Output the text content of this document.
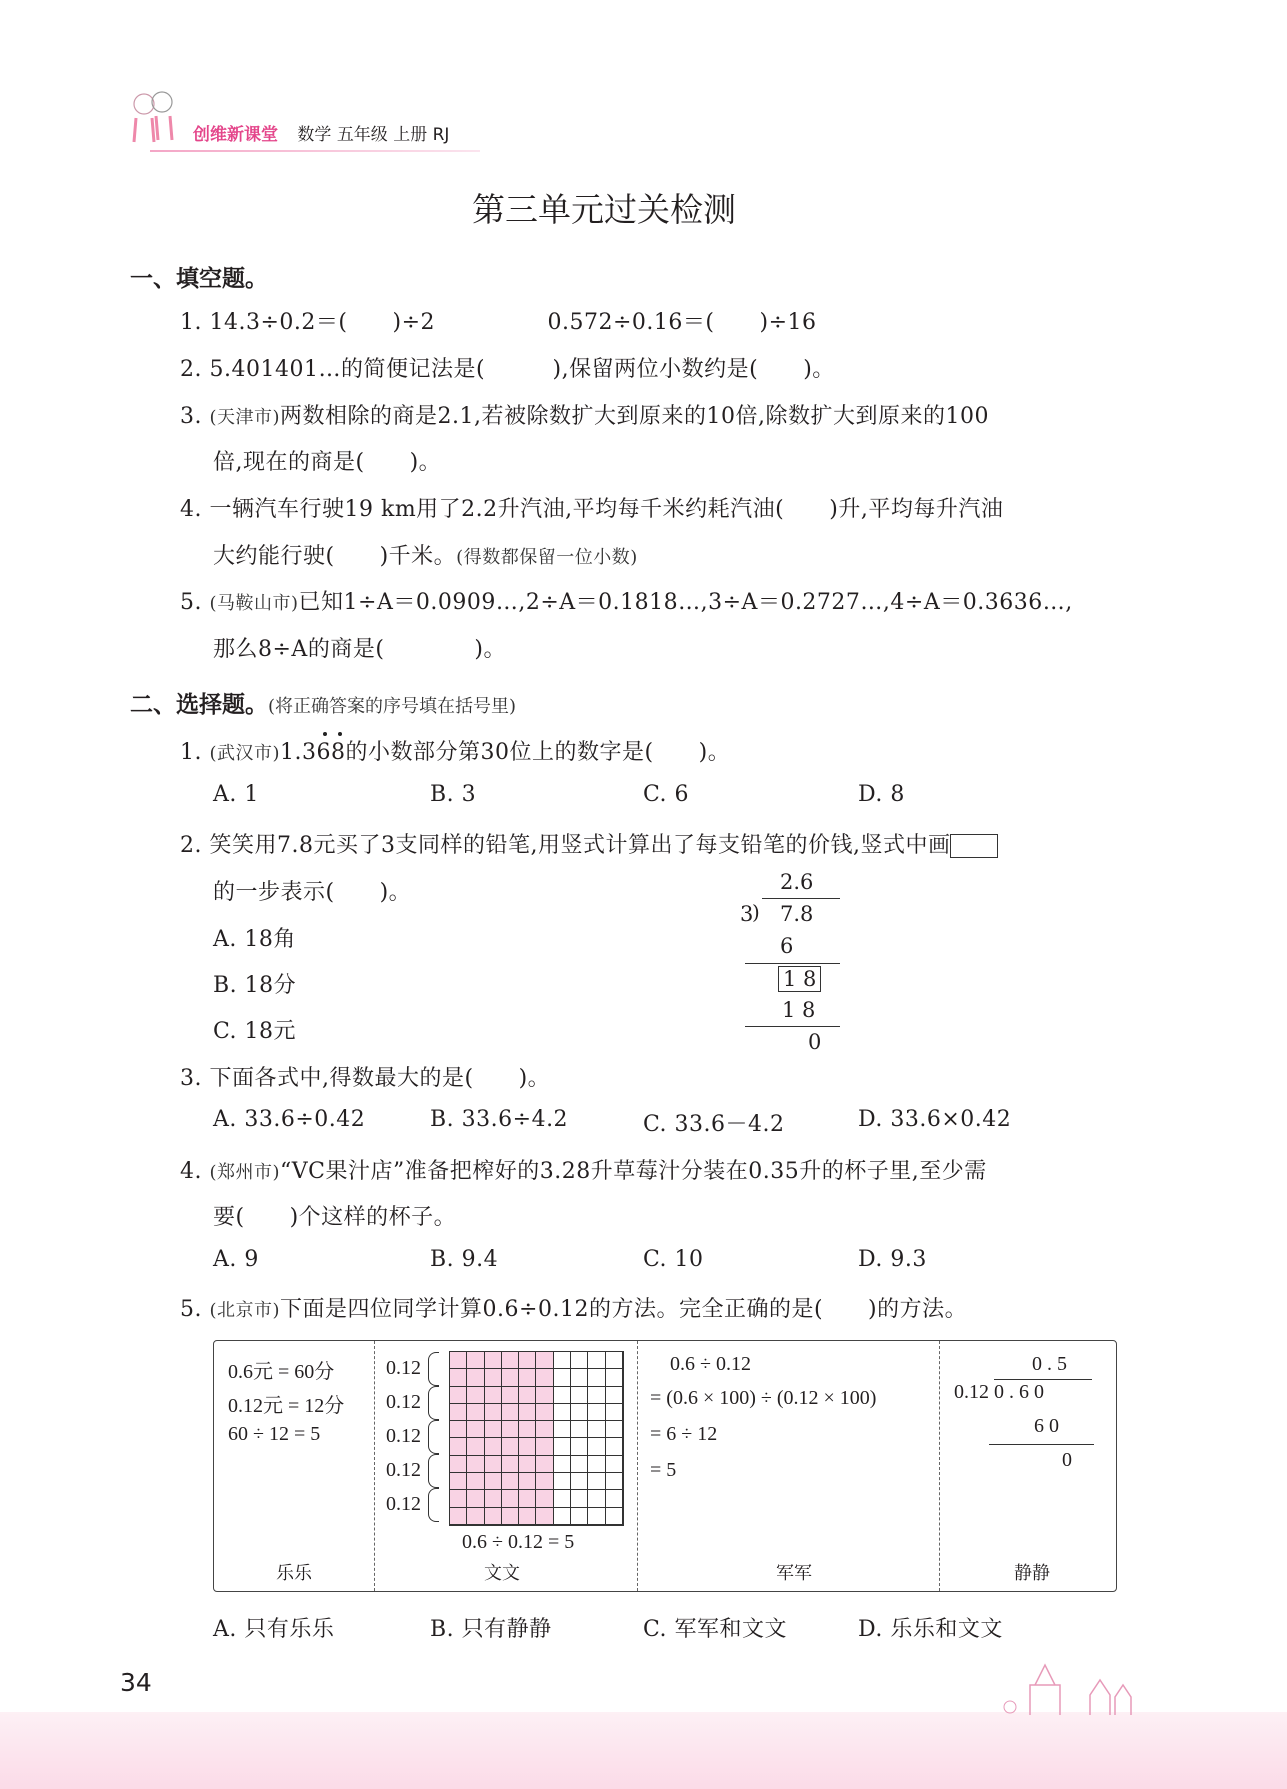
创维新课堂 数学 五年级 上册 RJ
第三单元过关检测
一、填空题。
1. 14.3÷0.2＝(　　)÷2　　　　　0.572÷0.16＝(　　)÷16
2. 5.401401…的简便记法是(　　　),保留两位小数约是(　　)。
3. (天津市)两数相除的商是2.1,若被除数扩大到原来的10倍,除数扩大到原来的100
倍,现在的商是(　　)。
4. 一辆汽车行驶19 km用了2.2升汽油,平均每千米约耗汽油(　　)升,平均每升汽油
大约能行驶(　　)千米。(得数都保留一位小数)
5. (马鞍山市)已知1÷A＝0.0909…,2÷A＝0.1818…,3÷A＝0.2727…,4÷A＝0.3636…,
那么8÷A的商是(　　　　)。
二、选择题。(将正确答案的序号填在括号里)
1. (武汉市)1.368的小数部分第30位上的数字是(　　)。
A. 1	B. 3	C. 6	D. 8
2. 笑笑用7.8元买了3支同样的铅笔,用竖式计算出了每支铅笔的价钱,竖式中画
的一步表示(　　)。
A. 18角
B. 18分
C. 18元
2.6
3
) 7.8
6
1 8
1 8
0
3. 下面各式中,得数最大的是(　　)。
A. 33.6÷0.42	B. 33.6÷4.2	C. 33.6－4.2	D. 33.6×0.42
4. (郑州市)“VC果汁店”准备把榨好的3.28升草莓汁分装在0.35升的杯子里,至少需
要(　　)个这样的杯子。
A. 9	B. 9.4	C. 10	D. 9.3
5. (北京市)下面是四位同学计算0.6÷0.12的方法。完全正确的是(　　)的方法。
0.6元 = 60分
0.12元 = 12分
60 ÷ 12 = 5
乐乐
0.12
0.12
0.12
0.12
0.12
0.6 ÷ 0.12 = 5
文文
0.6 ÷ 0.12
= (0.6 × 100) ÷ (0.12 × 100)
= 6 ÷ 12
= 5
军军
0 . 5
0.12 0 . 6 0
6 0
0
静静
A. 只有乐乐	B. 只有静静	C. 军军和文文	D. 乐乐和文文
34
